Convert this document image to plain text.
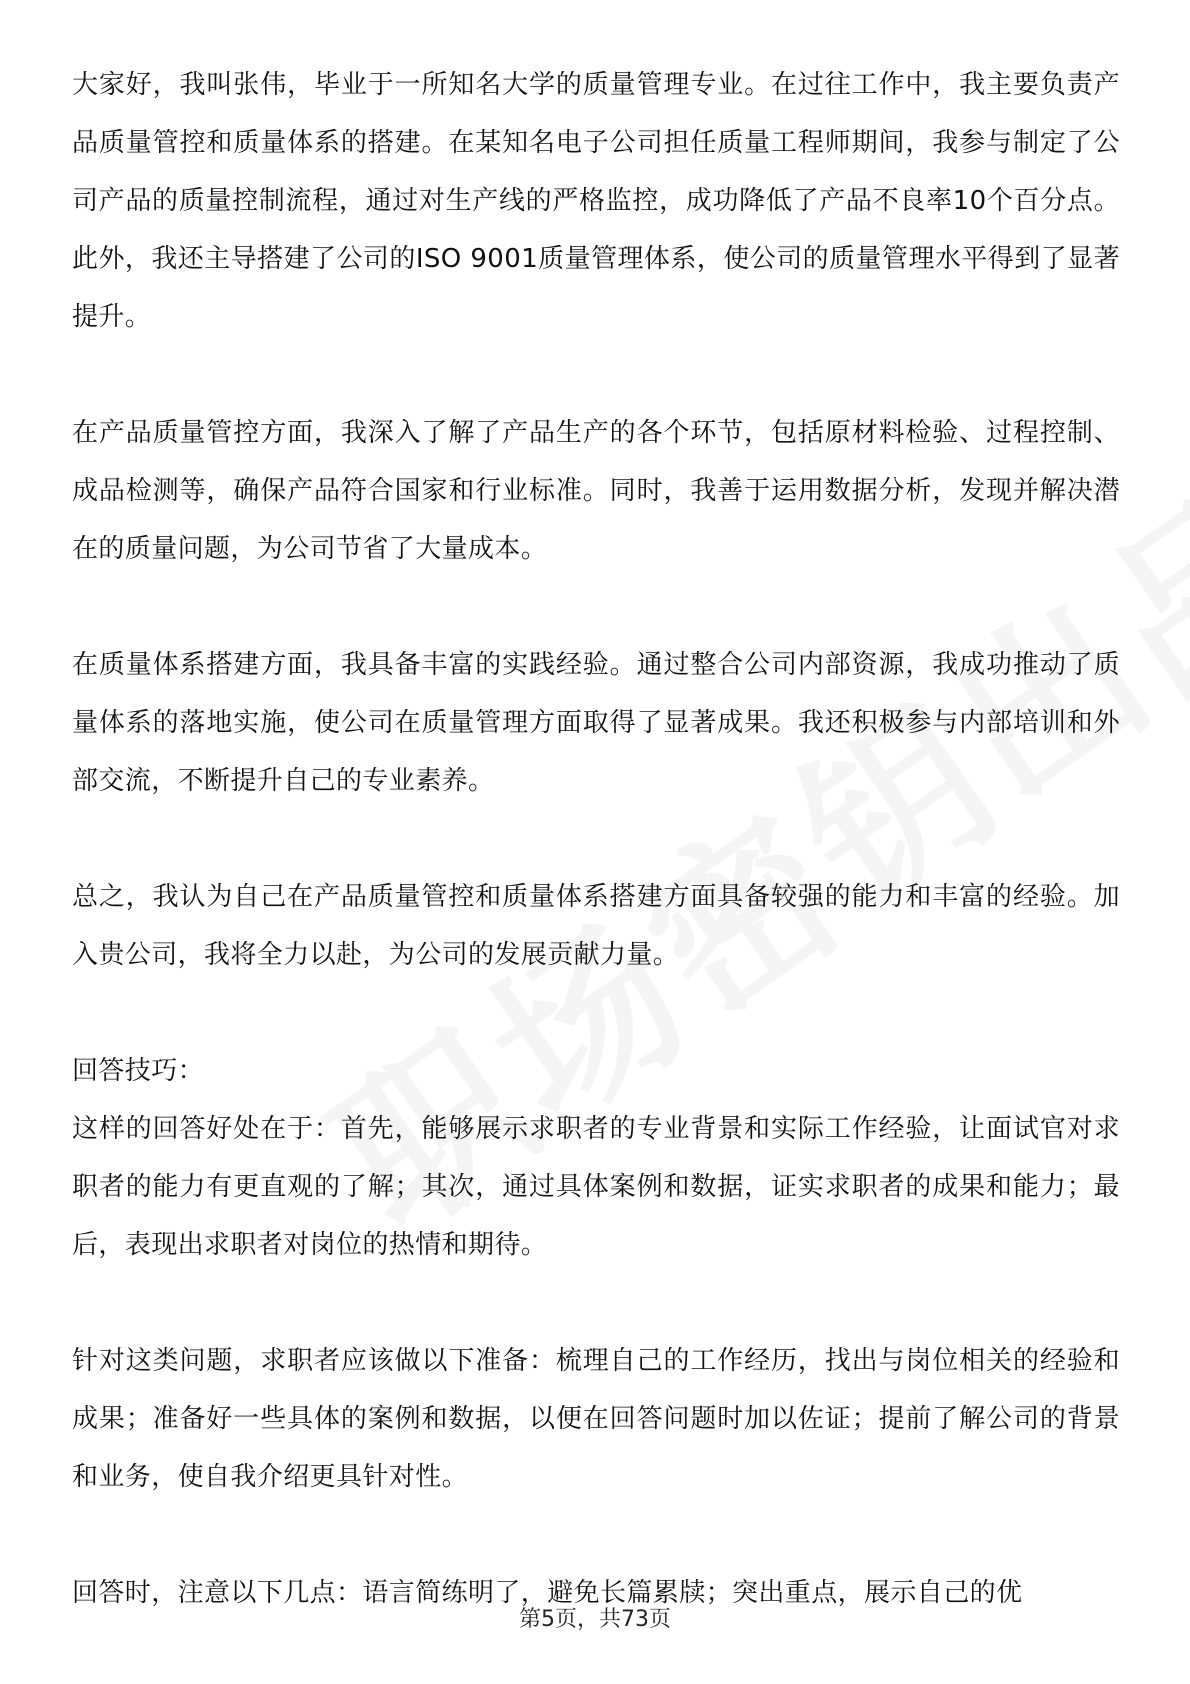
大家好，我叫张伟，毕业于一所知名大学的质量管理专业。在过往工作中，我主要负责产品质量管控和质量体系的搭建。在某知名电子公司担任质量工程师期间，我参与制定了公司产品的质量控制流程，通过对生产线的严格监控，成功降低了产品不良率10个百分点。此外，我还主导搭建了公司的ISO 9001质量管理体系，使公司的质量管理水平得到了显著提升。

在产品质量管控方面，我深入了解了产品生产的各个环节，包括原材料检验、过程控制、成品检测等，确保产品符合国家和行业标准。同时，我善于运用数据分析，发现并解决潜在的质量问题，为公司节省了大量成本。

在质量体系搭建方面，我具备丰富的实践经验。通过整合公司内部资源，我成功推动了质量体系的落地实施，使公司在质量管理方面取得了显著成果。我还积极参与内部培训和外部交流，不断提升自己的专业素养。

总之，我认为自己在产品质量管控和质量体系搭建方面具备较强的能力和丰富的经验。加入贵公司，我将全力以赴，为公司的发展贡献力量。

回答技巧：

这样的回答好处在于：首先，能够展示求职者的专业背景和实际工作经验，让面试官对求职者的能力有更直观的了解；其次，通过具体案例和数据，证实求职者的成果和能力；最后，表现出求职者对岗位的热情和期待。

针对这类问题，求职者应该做以下准备：梳理自己的工作经历，找出与岗位相关的经验和成果；准备好一些具体的案例和数据，以便在回答问题时加以佐证；提前了解公司的背景和业务，使自我介绍更具针对性。

回答时，注意以下几点：语言简练明了，避免长篇累牍；突出重点，展示自己的优

第5页，共73页
